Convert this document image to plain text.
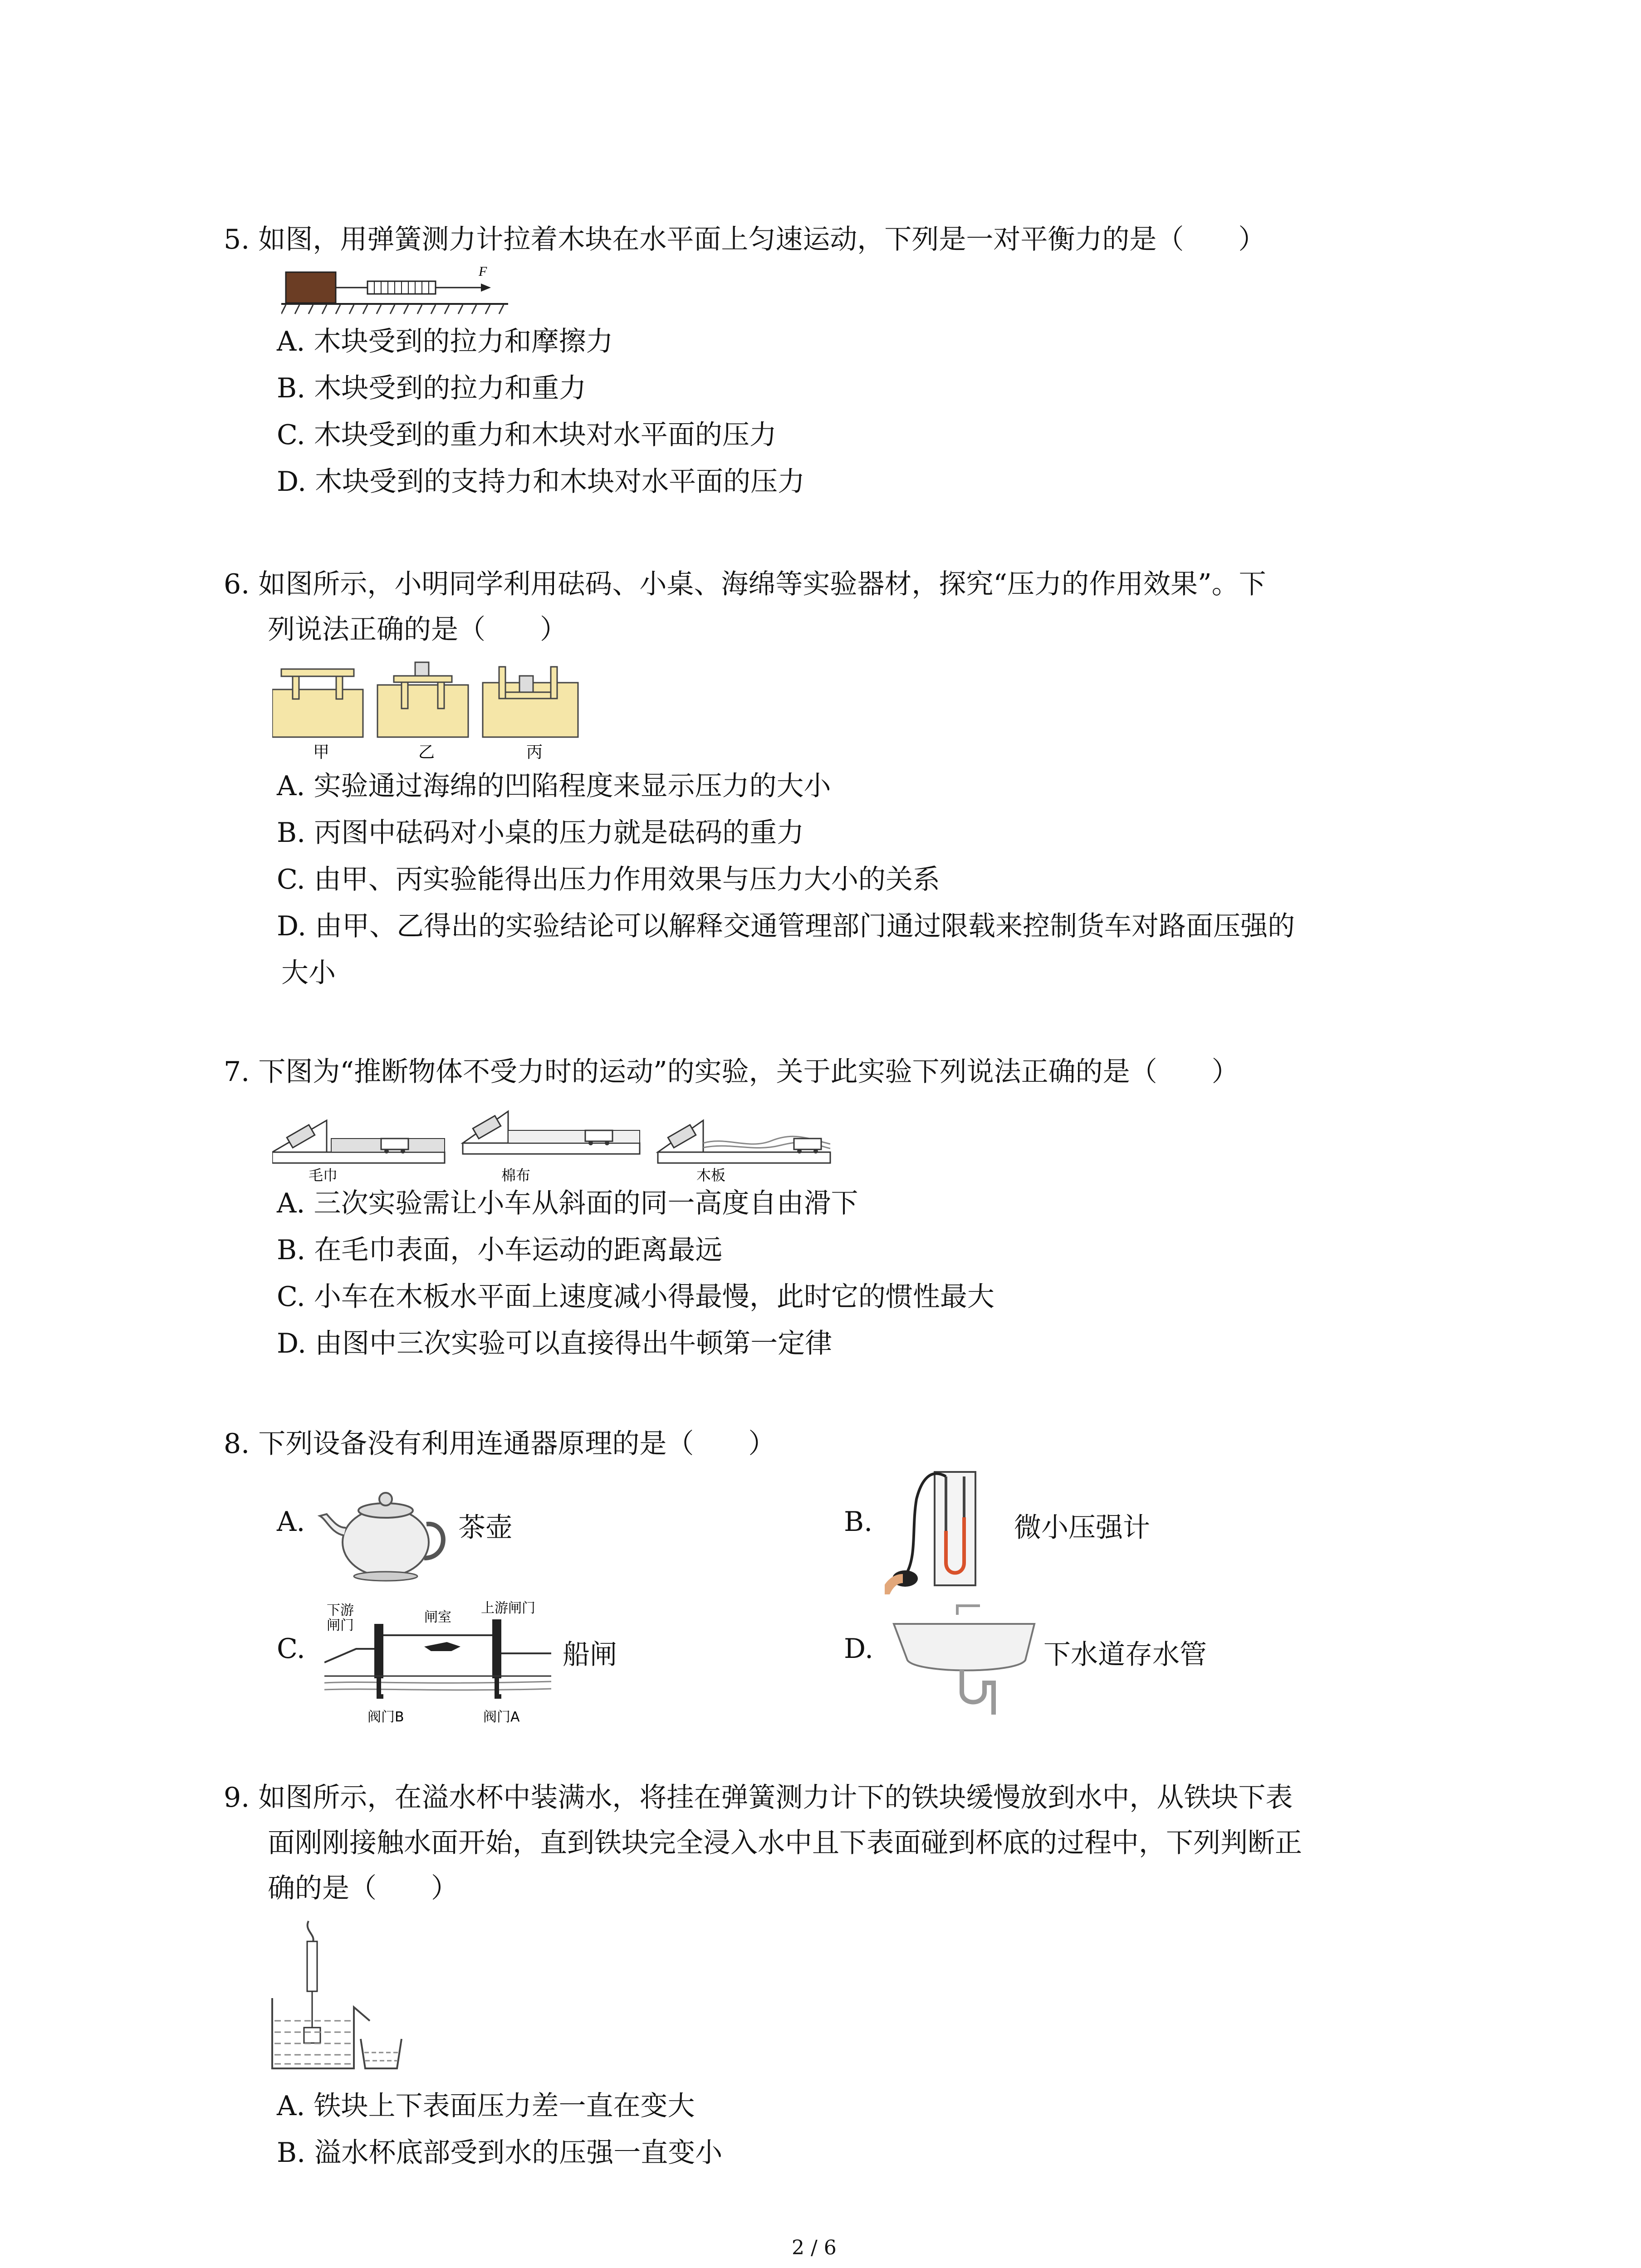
5. 如图，用弹簧测力计拉着木块在水平面上匀速运动，下列是一对平衡力的是（　　）
F
A. 木块受到的拉力和摩擦力
B. 木块受到的拉力和重力
C. 木块受到的重力和木块对水平面的压力
D. 木块受到的支持力和木块对水平面的压力
6. 如图所示，小明同学利用砝码、小桌、海绵等实验器材，探究“压力的作用效果”。下
列说法正确的是（　　）
甲	乙	丙
A. 实验通过海绵的凹陷程度来显示压力的大小
B. 丙图中砝码对小桌的压力就是砝码的重力
C. 由甲、丙实验能得出压力作用效果与压力大小的关系
D. 由甲、乙得出的实验结论可以解释交通管理部门通过限载来控制货车对路面压强的
大小
7. 下图为“推断物体不受力时的运动”的实验，关于此实验下列说法正确的是（　　）
毛巾	棉布	木板
A. 三次实验需让小车从斜面的同一高度自由滑下
B. 在毛巾表面，小车运动的距离最远
C. 小车在木板水平面上速度减小得最慢，此时它的惯性最大
D. 由图中三次实验可以直接得出牛顿第一定律
8. 下列设备没有利用连通器原理的是（　　）
A.	茶壶	B.	微小压强计
C.
下游闸门
闸室
上游闸门
阀门B	阀门A
船闸	D.	下水道存水管
9. 如图所示，在溢水杯中装满水，将挂在弹簧测力计下的铁块缓慢放到水中，从铁块下表
面刚刚接触水面开始，直到铁块完全浸入水中且下表面碰到杯底的过程中，下列判断正
确的是（　　）
A. 铁块上下表面压力差一直在变大
B. 溢水杯底部受到水的压强一直变小
2 / 6
